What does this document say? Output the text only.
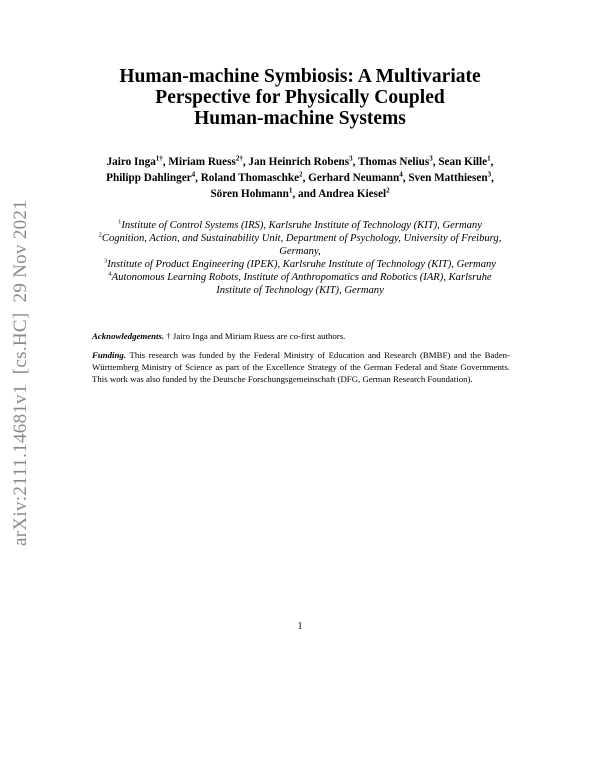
arXiv:2111.14681v1[cs.HC]29 Nov 2021
Human-machine Symbiosis: A Multivariate
Perspective for Physically Coupled
Human-machine Systems
Jairo Inga$^{1\dagger}$, Miriam Ruess$^{2\dagger}$, Jan Heinrich Robens$^3$, Thomas Nelius$^3$, Sean Kille$^1$, Philipp Dahlinger$^4$, Roland Thomaschke$^2$, Gerhard Neumann$^4$, Sven Matthiesen$^3$, Sören Hohmann$^1$, and Andrea Kiesel$^2$
$^1$Institute of Control Systems (IRS), Karlsruhe Institute of Technology (KIT), Germany
$^2$Cognition, Action, and Sustainability Unit, Department of Psychology, University of Freiburg, Germany,
$^3$Institute of Product Engineering (IPEK), Karlsruhe Institute of Technology (KIT), Germany
$^4$Autonomous Learning Robots, Institute of Anthropomatics and Robotics (IAR), Karlsruhe Institute of Technology (KIT), Germany
Acknowledgements. † Jairo Inga and Miriam Ruess are co-first authors.
Funding. This research was funded by the Federal Ministry of Education and Research (BMBF) and the Baden-Württemberg Ministry of Science as part of the Excellence Strategy of the German Federal and State Governments. This work was also funded by the Deutsche Forschungsgemeinschaft (DFG, German Research Foundation).
1
